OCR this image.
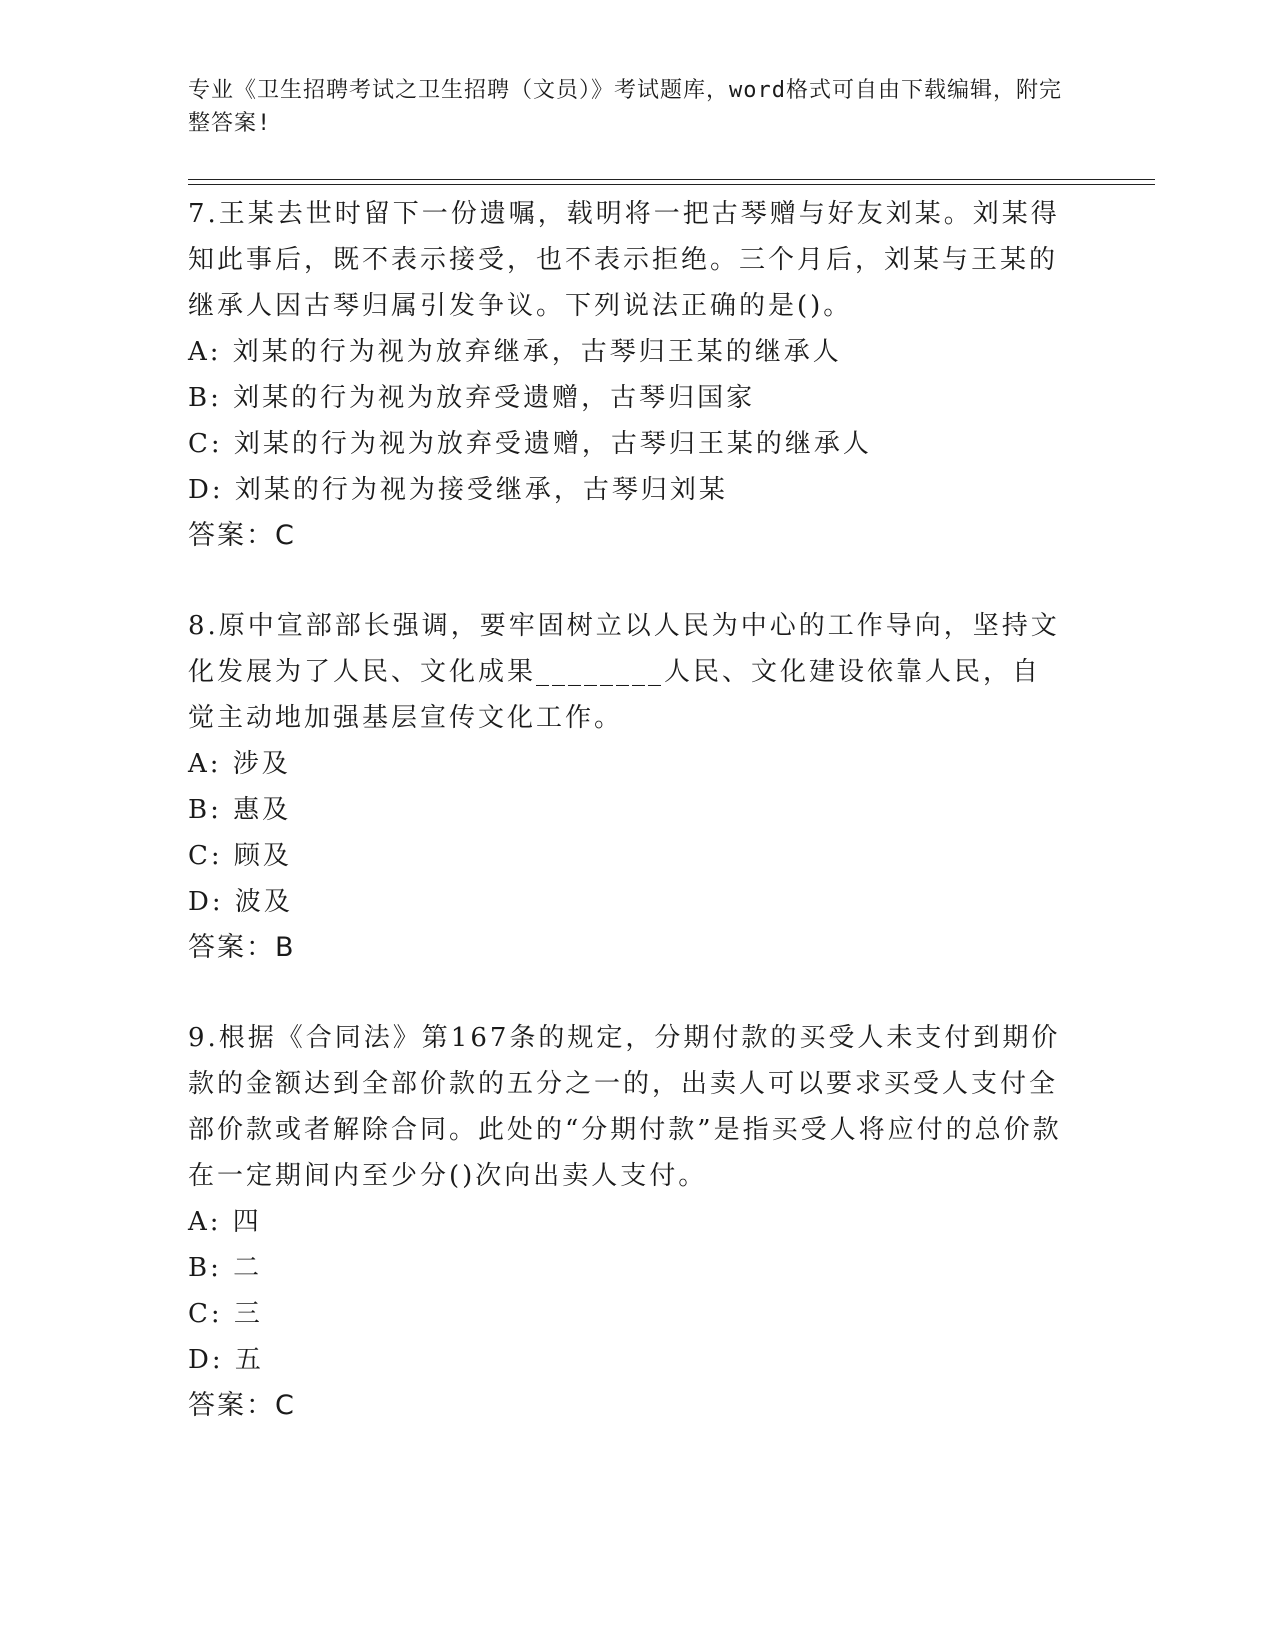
专业《卫生招聘考试之卫生招聘（文员）》考试题库，word格式可自由下载编辑，附完整答案!

7.王某去世时留下一份遗嘱，载明将一把古琴赠与好友刘某。刘某得知此事后，既不表示接受，也不表示拒绝。三个月后，刘某与王某的继承人因古琴归属引发争议。下列说法正确的是()。

A: 刘某的行为视为放弃继承，古琴归王某的继承人

B: 刘某的行为视为放弃受遗赠，古琴归国家

C: 刘某的行为视为放弃受遗赠，古琴归王某的继承人

D: 刘某的行为视为接受继承，古琴归刘某

答案：C

8.原中宣部部长强调，要牢固树立以人民为中心的工作导向，坚持文化发展为了人民、文化成果________人民、文化建设依靠人民，自觉主动地加强基层宣传文化工作。

A: 涉及

B: 惠及

C: 顾及

D: 波及

答案：B

9.根据《合同法》第167条的规定，分期付款的买受人未支付到期价款的金额达到全部价款的五分之一的，出卖人可以要求买受人支付全部价款或者解除合同。此处的“分期付款”是指买受人将应付的总价款在一定期间内至少分()次向出卖人支付。

A: 四

B: 二

C: 三

D: 五

答案：C
